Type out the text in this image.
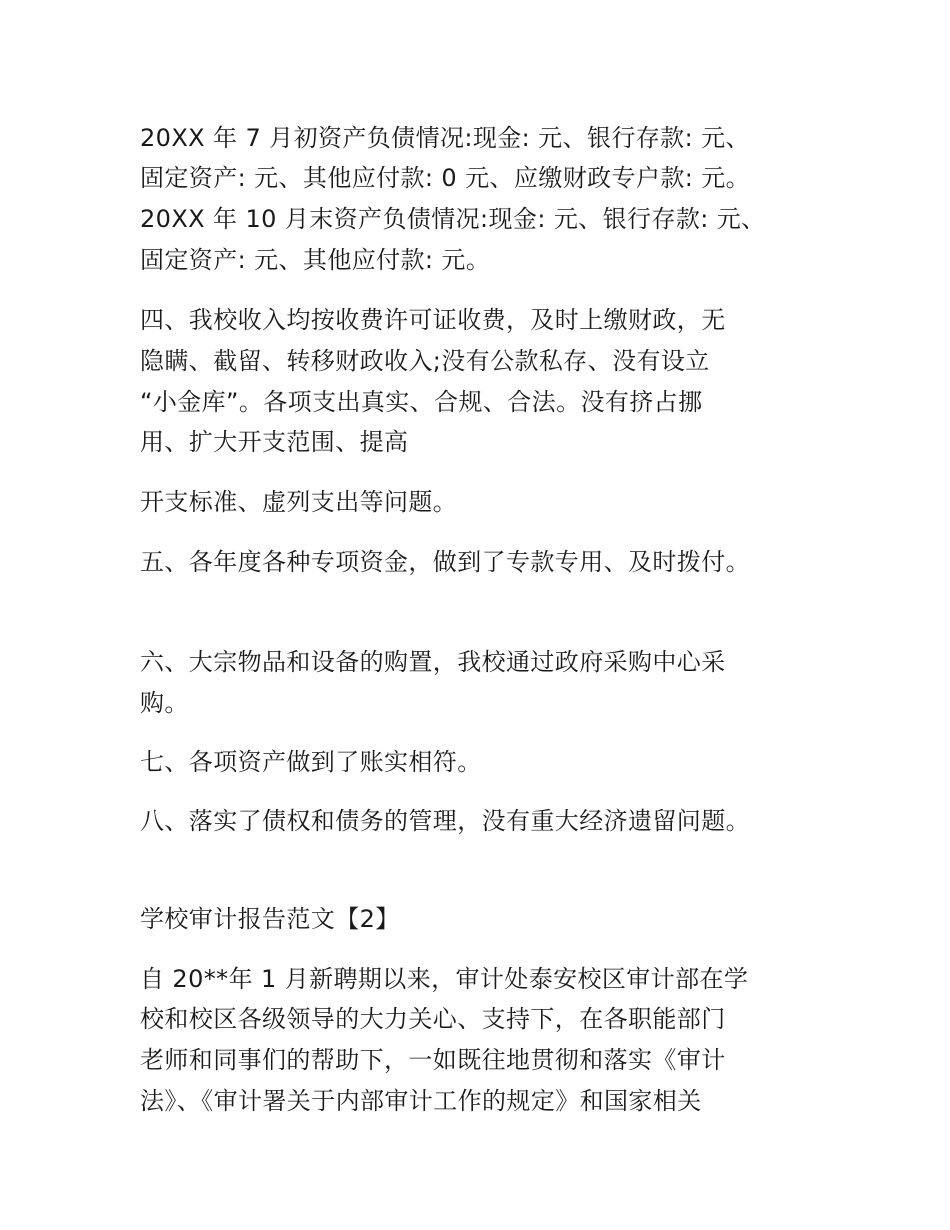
20XX 年 7 月初资产负债情况:现金: 元、银行存款: 元、
固定资产: 元、其他应付款: 0 元、应缴财政专户款: 元。
20XX 年 10 月末资产负债情况:现金: 元、银行存款: 元、
固定资产: 元、其他应付款: 元。
四、我校收入均按收费许可证收费，及时上缴财政，无
隐瞒、截留、转移财政收入;没有公款私存、没有设立
“小金库”。各项支出真实、合规、合法。没有挤占挪
用、扩大开支范围、提高
开支标准、虚列支出等问题。
五、各年度各种专项资金，做到了专款专用、及时拨付。
六、大宗物品和设备的购置，我校通过政府采购中心采
购。
七、各项资产做到了账实相符。
八、落实了债权和债务的管理，没有重大经济遗留问题。
学校审计报告范文【2】
自 20**年 1 月新聘期以来，审计处泰安校区审计部在学
校和校区各级领导的大力关心、支持下，在各职能部门
老师和同事们的帮助下，一如既往地贯彻和落实《审计
法》、《审计署关于内部审计工作的规定》和国家相关
